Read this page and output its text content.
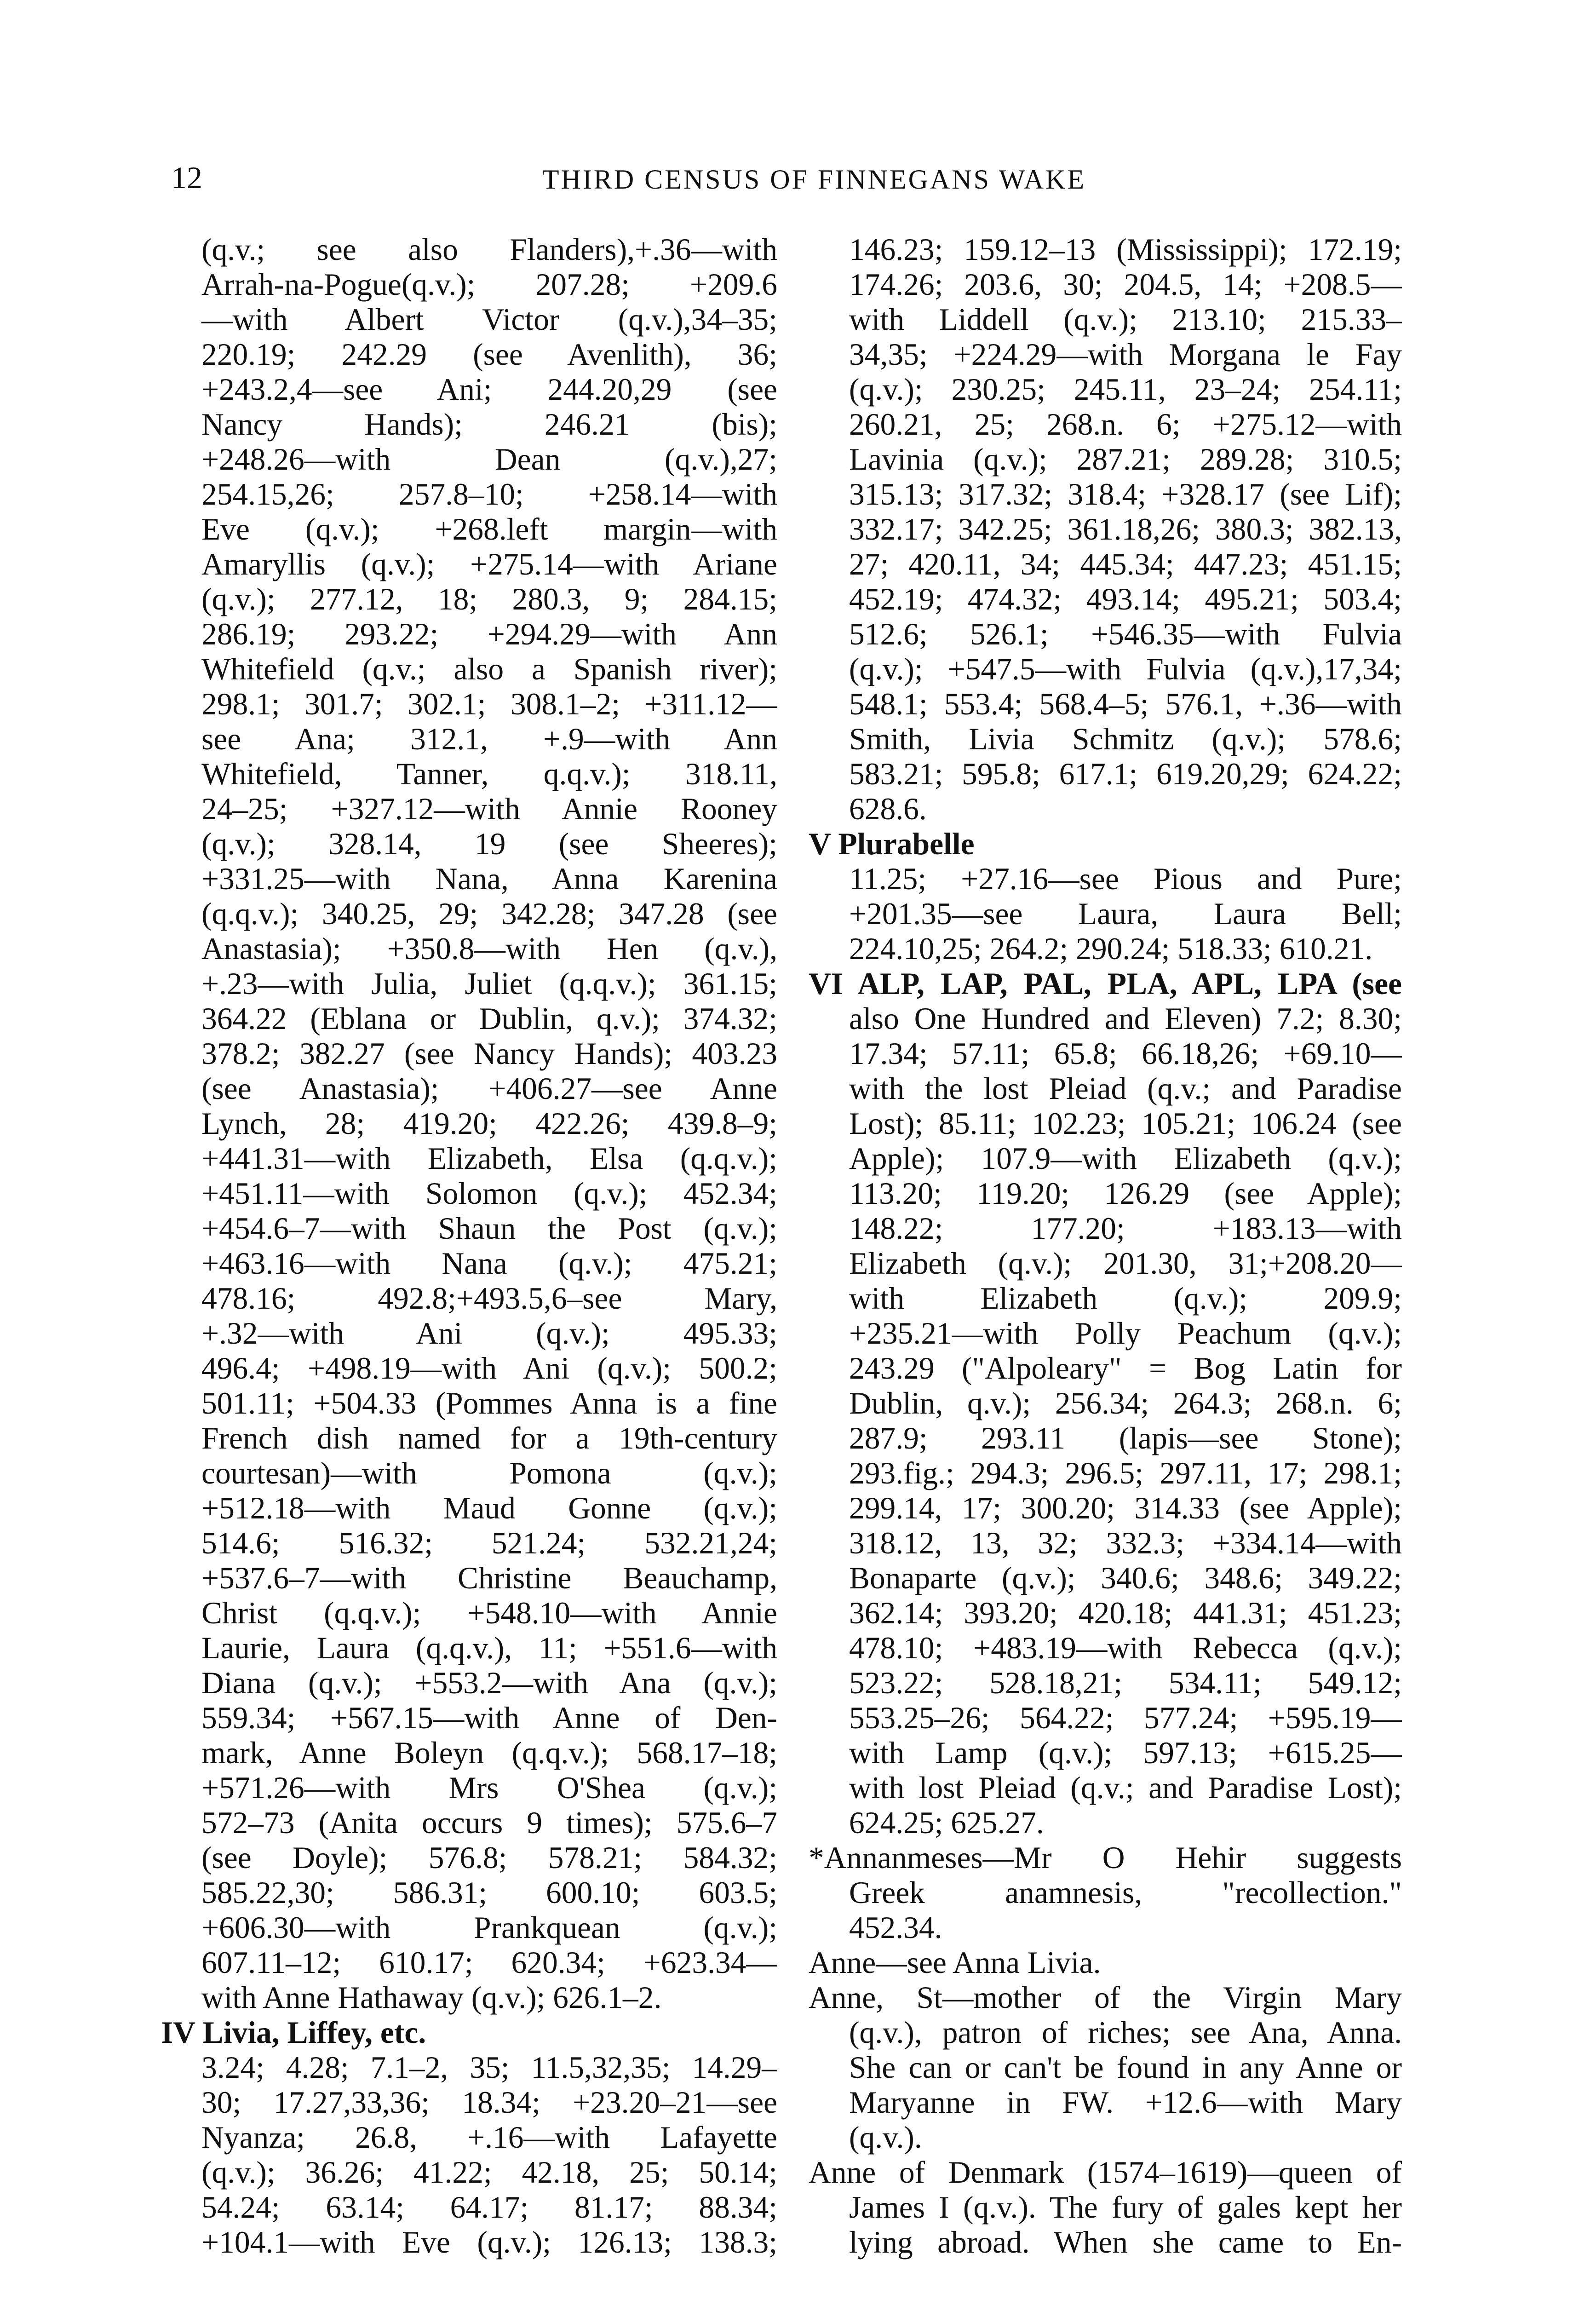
12	THIRD CENSUS OF FINNEGANS WAKE
(q.v.; see also Flanders),+.36—with
Arrah-na-Pogue(q.v.); 207.28; +209.6
—with Albert Victor (q.v.),34–35;
220.19; 242.29 (see Avenlith), 36;
+243.2,4—see Ani; 244.20,29 (see
Nancy Hands); 246.21 (bis);
+248.26—with Dean (q.v.),27;
254.15,26; 257.8–10; +258.14—with
Eve (q.v.); +268.left margin—with
Amaryllis (q.v.); +275.14—with Ariane
(q.v.); 277.12, 18; 280.3, 9; 284.15;
286.19; 293.22; +294.29—with Ann
Whitefield (q.v.; also a Spanish river);
298.1; 301.7; 302.1; 308.1–2; +311.12—
see Ana; 312.1, +.9—with Ann
Whitefield, Tanner, q.q.v.); 318.11,
24–25; +327.12—with Annie Rooney
(q.v.); 328.14, 19 (see Sheeres);
+331.25—with Nana, Anna Karenina
(q.q.v.); 340.25, 29; 342.28; 347.28 (see
Anastasia); +350.8—with Hen (q.v.),
+.23—with Julia, Juliet (q.q.v.); 361.15;
364.22 (Eblana or Dublin, q.v.); 374.32;
378.2; 382.27 (see Nancy Hands); 403.23
(see Anastasia); +406.27—see Anne
Lynch, 28; 419.20; 422.26; 439.8–9;
+441.31—with Elizabeth, Elsa (q.q.v.);
+451.11—with Solomon (q.v.); 452.34;
+454.6–7—with Shaun the Post (q.v.);
+463.16—with Nana (q.v.); 475.21;
478.16; 492.8;+493.5,6–see Mary,
+.32—with Ani (q.v.); 495.33;
496.4; +498.19—with Ani (q.v.); 500.2;
501.11; +504.33 (Pommes Anna is a fine
French dish named for a 19th-century
courtesan)—with Pomona (q.v.);
+512.18—with Maud Gonne (q.v.);
514.6; 516.32; 521.24; 532.21,24;
+537.6–7—with Christine Beauchamp,
Christ (q.q.v.); +548.10—with Annie
Laurie, Laura (q.q.v.), 11; +551.6—with
Diana (q.v.); +553.2—with Ana (q.v.);
559.34; +567.15—with Anne of Den-
mark, Anne Boleyn (q.q.v.); 568.17–18;
+571.26—with Mrs O'Shea (q.v.);
572–73 (Anita occurs 9 times); 575.6–7
(see Doyle); 576.8; 578.21; 584.32;
585.22,30; 586.31; 600.10; 603.5;
+606.30—with Prankquean (q.v.);
607.11–12; 610.17; 620.34; +623.34—
with Anne Hathaway (q.v.); 626.1–2.
IV Livia, Liffey, etc.
3.24; 4.28; 7.1–2, 35; 11.5,32,35; 14.29–
30; 17.27,33,36; 18.34; +23.20–21—see
Nyanza; 26.8, +.16—with Lafayette
(q.v.); 36.26; 41.22; 42.18, 25; 50.14;
54.24; 63.14; 64.17; 81.17; 88.34;
+104.1—with Eve (q.v.); 126.13; 138.3;
146.23; 159.12–13 (Mississippi); 172.19;
174.26; 203.6, 30; 204.5, 14; +208.5—
with Liddell (q.v.); 213.10; 215.33–
34,35; +224.29—with Morgana le Fay
(q.v.); 230.25; 245.11, 23–24; 254.11;
260.21, 25; 268.n. 6; +275.12—with
Lavinia (q.v.); 287.21; 289.28; 310.5;
315.13; 317.32; 318.4; +328.17 (see Lif);
332.17; 342.25; 361.18,26; 380.3; 382.13,
27; 420.11, 34; 445.34; 447.23; 451.15;
452.19; 474.32; 493.14; 495.21; 503.4;
512.6; 526.1; +546.35—with Fulvia
(q.v.); +547.5—with Fulvia (q.v.),17,34;
548.1; 553.4; 568.4–5; 576.1, +.36—with
Smith, Livia Schmitz (q.v.); 578.6;
583.21; 595.8; 617.1; 619.20,29; 624.22;
628.6.
V Plurabelle
11.25; +27.16—see Pious and Pure;
+201.35—see Laura, Laura Bell;
224.10,25; 264.2; 290.24; 518.33; 610.21.
VI ALP, LAP, PAL, PLA, APL, LPA (see
also One Hundred and Eleven) 7.2; 8.30;
17.34; 57.11; 65.8; 66.18,26; +69.10—
with the lost Pleiad (q.v.; and Paradise
Lost); 85.11; 102.23; 105.21; 106.24 (see
Apple); 107.9—with Elizabeth (q.v.);
113.20; 119.20; 126.29 (see Apple);
148.22; 177.20; +183.13—with
Elizabeth (q.v.); 201.30, 31;+208.20—
with Elizabeth (q.v.); 209.9;
+235.21—with Polly Peachum (q.v.);
243.29 ("Alpoleary" = Bog Latin for
Dublin, q.v.); 256.34; 264.3; 268.n. 6;
287.9; 293.11 (lapis—see Stone);
293.fig.; 294.3; 296.5; 297.11, 17; 298.1;
299.14, 17; 300.20; 314.33 (see Apple);
318.12, 13, 32; 332.3; +334.14—with
Bonaparte (q.v.); 340.6; 348.6; 349.22;
362.14; 393.20; 420.18; 441.31; 451.23;
478.10; +483.19—with Rebecca (q.v.);
523.22; 528.18,21; 534.11; 549.12;
553.25–26; 564.22; 577.24; +595.19—
with Lamp (q.v.); 597.13; +615.25—
with lost Pleiad (q.v.; and Paradise Lost);
624.25; 625.27.
*Annanmeses—Mr O Hehir suggests
Greek anamnesis, "recollection."
452.34.
Anne—see Anna Livia.
Anne, St—mother of the Virgin Mary
(q.v.), patron of riches; see Ana, Anna.
She can or can't be found in any Anne or
Maryanne in FW. +12.6—with Mary
(q.v.).
Anne of Denmark (1574–1619)—queen of
James I (q.v.). The fury of gales kept her
lying abroad. When she came to En-
